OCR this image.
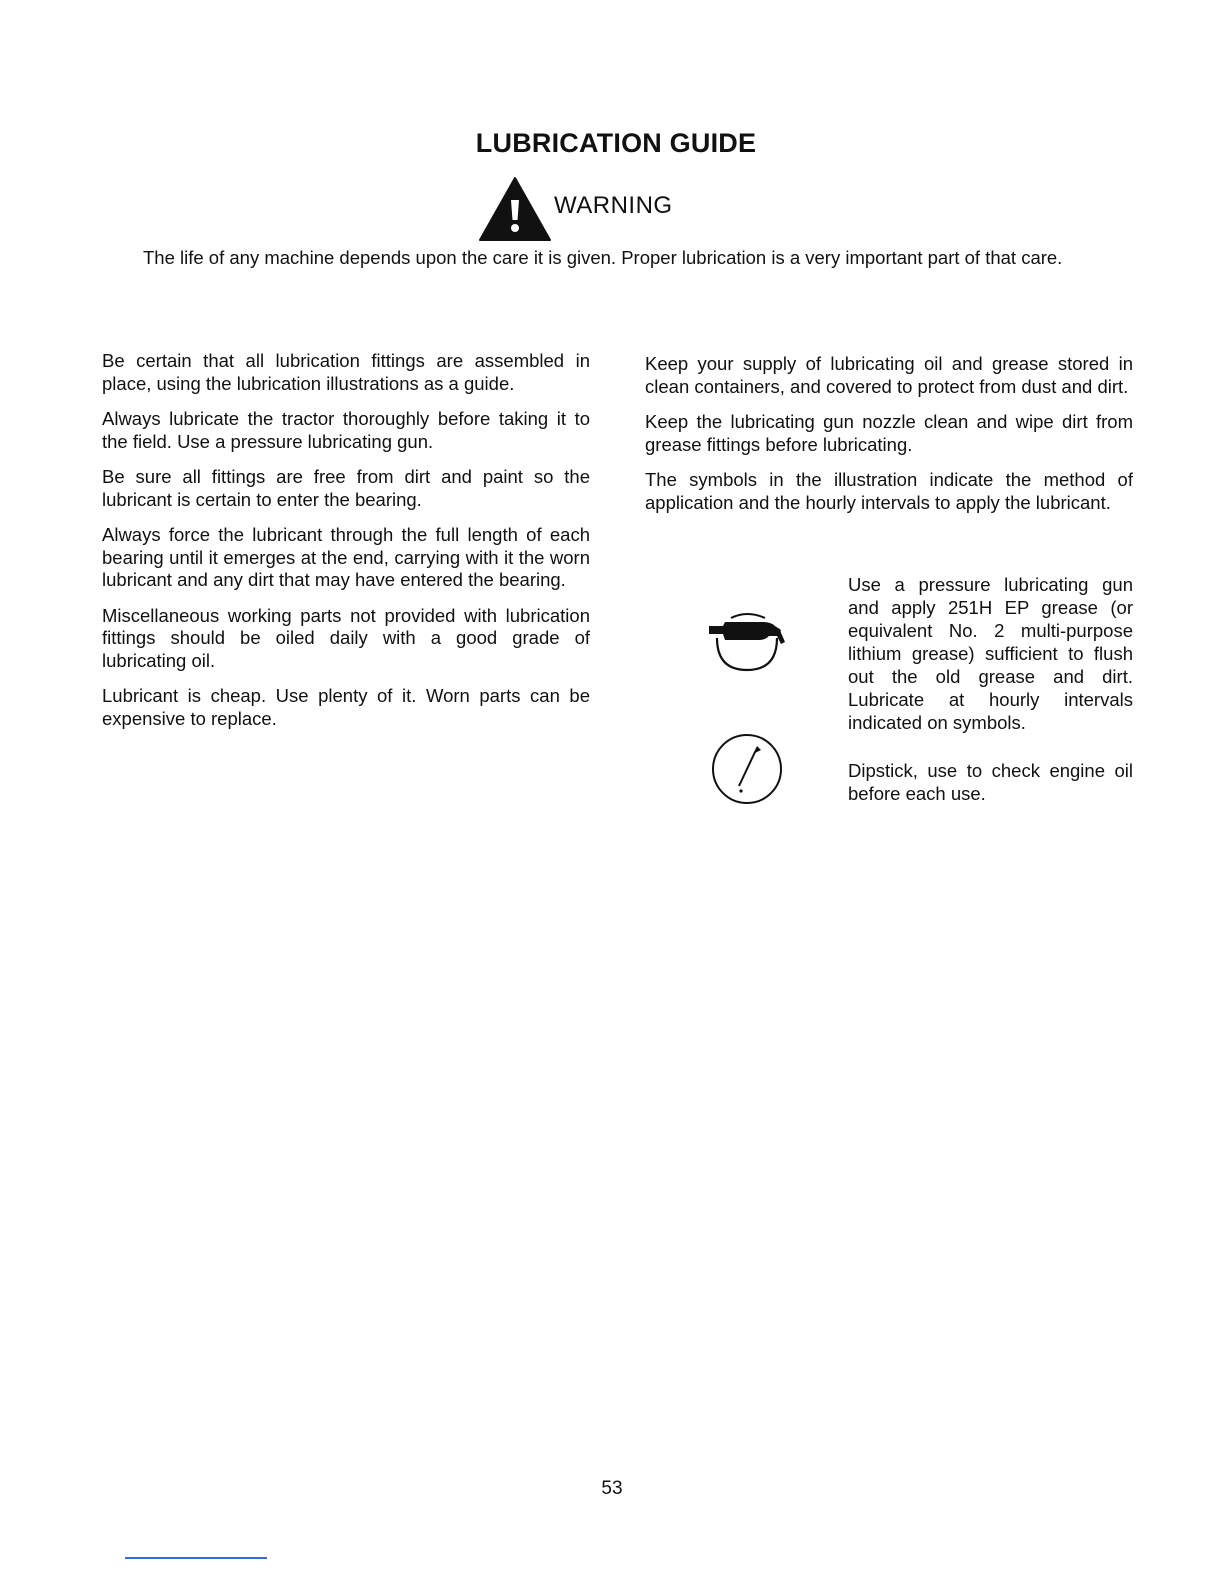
LUBRICATION GUIDE
WARNING

The life of any machine depends upon the care it is given. Proper lubrication is a very important part of that care.

Be certain that all lubrication fittings are assembled in place, using the lubrication illustrations as a guide.

Always lubricate the tractor thoroughly before taking it to the field. Use a pressure lubricating gun.

Be sure all fittings are free from dirt and paint so the lubricant is certain to enter the bearing.

Always force the lubricant through the full length of each bearing until it emerges at the end, carrying with it the worn lubricant and any dirt that may have entered the bearing.

Miscellaneous working parts not provided with lubrication fittings should be oiled daily with a good grade of lubricating oil.

Lubricant is cheap. Use plenty of it. Worn parts can be expensive to replace.

Keep your supply of lubricating oil and grease stored in clean containers, and covered to protect from dust and dirt.

Keep the lubricating gun nozzle clean and wipe dirt from grease fittings before lubricating.

The symbols in the illustration indicate the method of application and the hourly intervals to apply the lubricant.

Use a pressure lubricating gun and apply 251H EP grease (or equivalent No. 2 multi-purpose lithium grease) sufficient to flush out the old grease and dirt. Lubricate at hourly intervals indicated on symbols.

Dipstick, use to check engine oil before each use.

53
